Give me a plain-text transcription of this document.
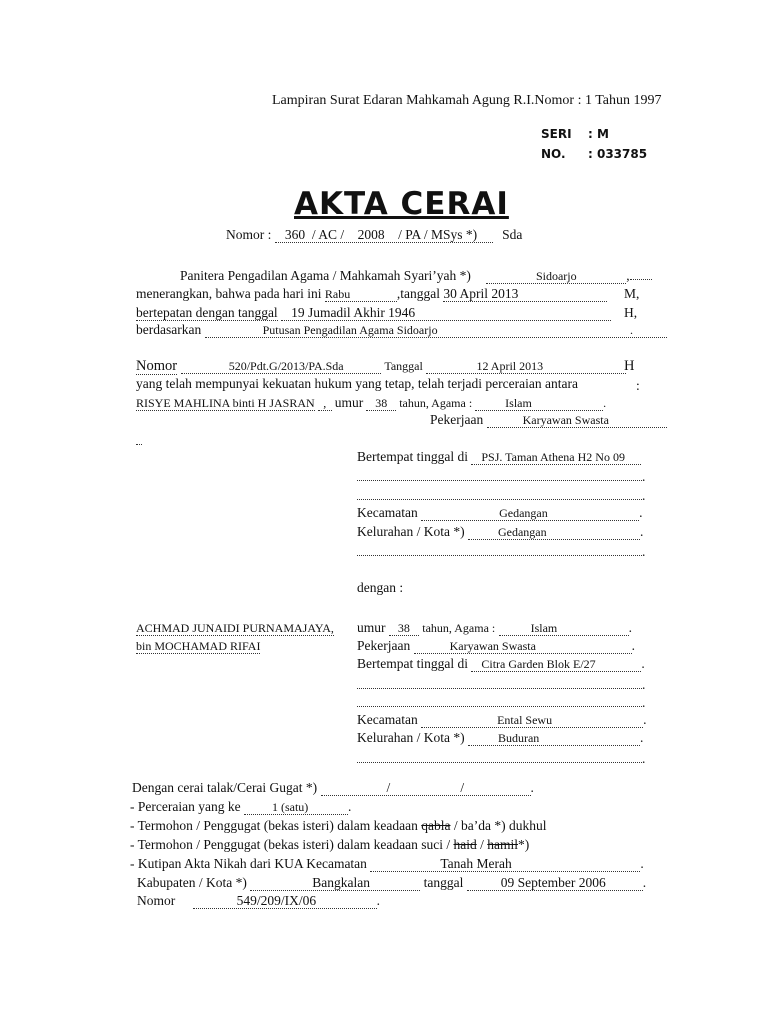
Lampiran Surat Edaran Mahkamah Agung R.I.Nomor : 1 Tahun 1997
SERI : M
NO. : 033785
AKTA CERAI
Nomor : 360 / AC / 2008 / PA / MSys *) Sda
Panitera Pengadilan Agama / Mahkamah Syari’yah *)	Sidoarjo	,
menerangkan, bahwa pada hari ini Rabu	,tanggal 30 April 2013	M,
bertepatan dengan tanggal 19 Jumadil Akhir 1946	H,
berdasarkan	Putusan Pengadilan Agama Sidoarjo	.
Nomor	520/Pdt.G/2013/PA.Sda	Tanggal	12 April 2013	H
yang telah mempunyai kekuatan hukum yang tetap, telah terjadi perceraian antara	:
RISYE MAHLINA binti H JASRAN , umur 38 tahun, Agama :	Islam	.
Pekerjaan	Karyawan Swasta
Bertempat tinggal di PSJ. Taman Athena H2 No 09
.
.
Kecamatan	Gedangan	.
Kelurahan / Kota *)	Gedangan	.
.
dengan :
ACHMAD JUNAIDI PURNAMAJAYA, umur 38 tahun, Agama :	Islam	.
bin MOCHAMAD RIFAI	Pekerjaan	Karyawan Swasta	.
Bertempat tinggal di Citra Garden Blok E/27	.
.
.
Kecamatan	Ental Sewu	.
Kelurahan / Kota *)	Buduran	.
.
Dengan cerai talak/Cerai Gugat *)	/	/	.
- Perceraian yang ke	1 (satu)	.
- Termohon / Penggugat (bekas isteri) dalam keadaan qabla / ba’da *) dukhul
- Termohon / Penggugat (bekas isteri) dalam keadaan suci / haid / hamil*)
- Kutipan Akta Nikah dari KUA Kecamatan	Tanah Merah	.
Kabupaten / Kota *)	Bangkalan	tanggal	09 September 2006	.
Nomor	549/209/IX/06	.
